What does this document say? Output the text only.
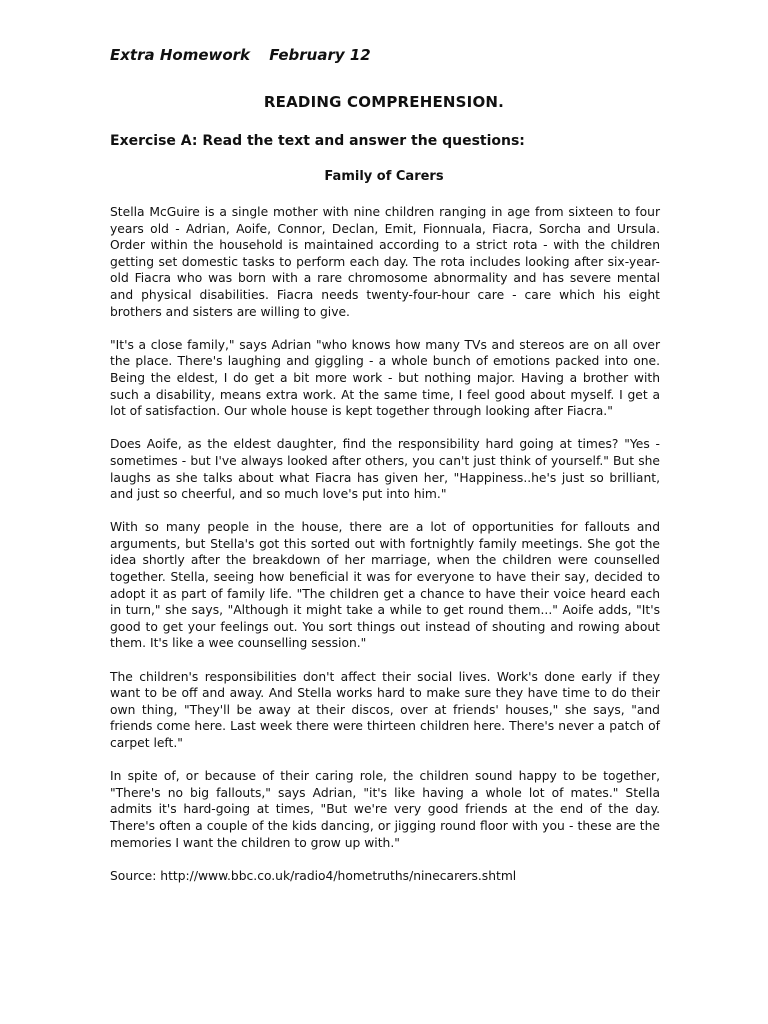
Extra Homework February 12
READING COMPREHENSION.
Exercise A: Read the text and answer the questions:
Family of Carers

Stella McGuire is a single mother with nine children ranging in age from sixteen to four years old - Adrian, Aoife, Connor, Declan, Emit, Fionnuala, Fiacra, Sorcha and Ursula. Order within the household is maintained according to a strict rota - with the children getting set domestic tasks to perform each day. The rota includes looking after six-year-old Fiacra who was born with a rare chromosome abnormality and has severe mental and physical disabilities. Fiacra needs twenty-four-hour care - care which his eight brothers and sisters are willing to give.

"It's a close family," says Adrian "who knows how many TVs and stereos are on all over the place. There's laughing and giggling - a whole bunch of emotions packed into one. Being the eldest, I do get a bit more work - but nothing major. Having a brother with such a disability, means extra work. At the same time, I feel good about myself. I get a lot of satisfaction. Our whole house is kept together through looking after Fiacra."

Does Aoife, as the eldest daughter, find the responsibility hard going at times? "Yes - sometimes - but I've always looked after others, you can't just think of yourself." But she laughs as she talks about what Fiacra has given her, "Happiness..he's just so brilliant, and just so cheerful, and so much love's put into him."

With so many people in the house, there are a lot of opportunities for fallouts and arguments, but Stella's got this sorted out with fortnightly family meetings. She got the idea shortly after the breakdown of her marriage, when the children were counselled together. Stella, seeing how beneficial it was for everyone to have their say, decided to adopt it as part of family life. "The children get a chance to have their voice heard each in turn," she says, "Although it might take a while to get round them..." Aoife adds, "It's good to get your feelings out. You sort things out instead of shouting and rowing about them. It's like a wee counselling session."

The children's responsibilities don't affect their social lives. Work's done early if they want to be off and away. And Stella works hard to make sure they have time to do their own thing, "They'll be away at their discos, over at friends' houses," she says, "and friends come here. Last week there were thirteen children here. There's never a patch of carpet left."

In spite of, or because of their caring role, the children sound happy to be together, "There's no big fallouts," says Adrian, "it's like having a whole lot of mates." Stella admits it's hard-going at times, "But we're very good friends at the end of the day. There's often a couple of the kids dancing, or jigging round floor with you - these are the memories I want the children to grow up with."

Source: http://www.bbc.co.uk/radio4/hometruths/ninecarers.shtml
